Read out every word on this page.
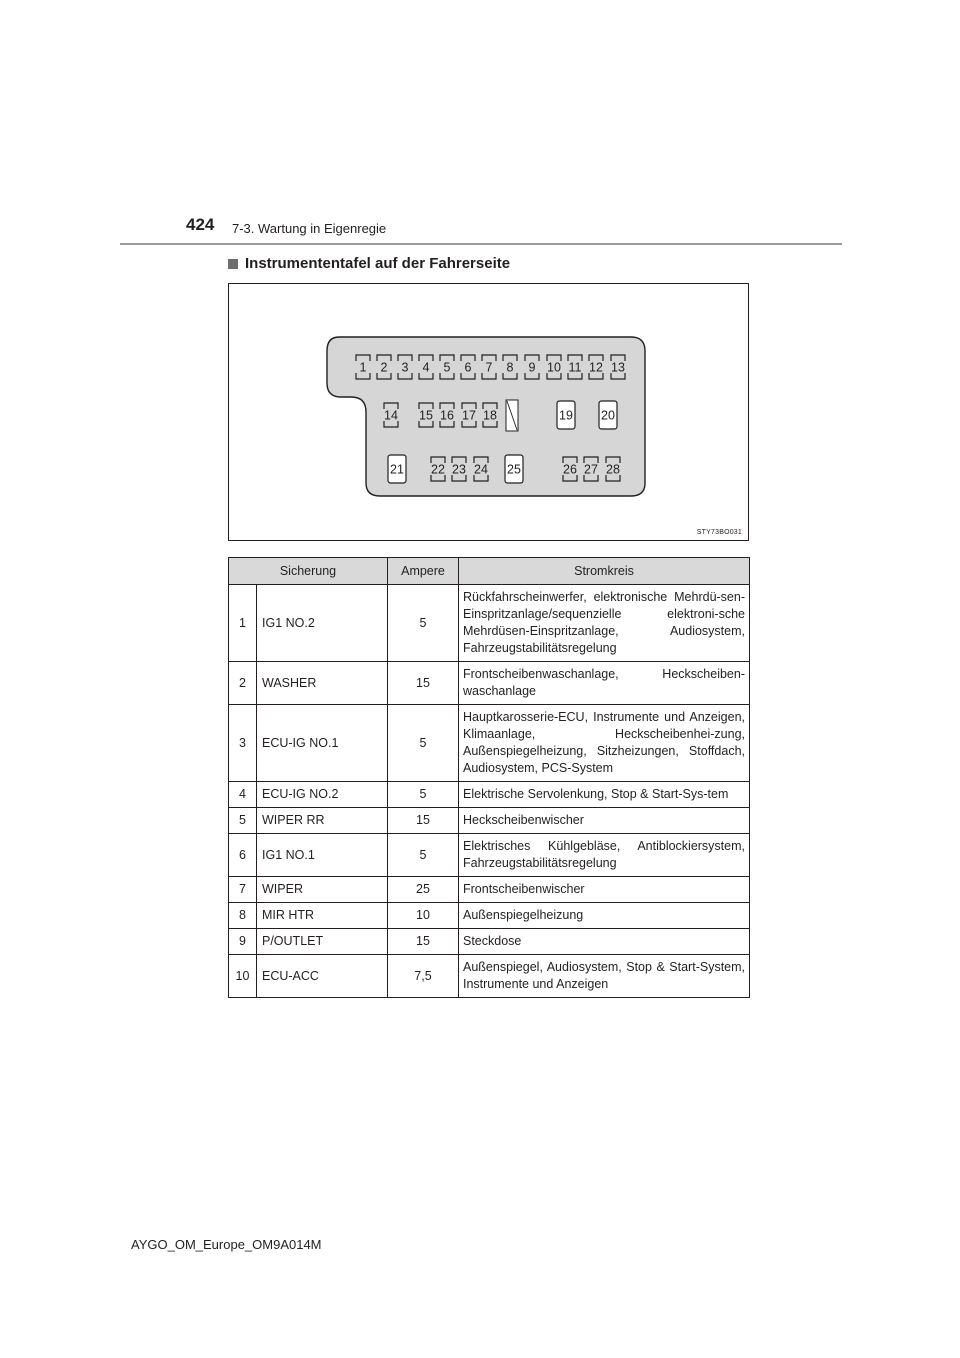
424 7-3. Wartung in Eigenregie
Instrumententafel auf der Fahrerseite
1 2 3 4 5 6 7 8 9 10 11 12 13
14 15 16 17 18	19 20
21 22 23 24 25	26 27 28
STY73BO031
Sicherung		Ampere	Stromkreis
1	IG1 NO.2	5	Rückfahrscheinwerfer, elektronische Mehrdü-sen-Einspritzanlage/sequenzielle elektroni-sche Mehrdüsen-Einspritzanlage, Audiosystem, Fahrzeugstabilitätsregelung
2	WASHER	15	Frontscheibenwaschanlage, Heckscheiben-waschanlage
3	ECU-IG NO.1	5	Hauptkarosserie-ECU, Instrumente und Anzeigen, Klimaanlage, Heckscheibenhei-zung, Außenspiegelheizung, Sitzheizungen, Stoffdach, Audiosystem, PCS-System
4	ECU-IG NO.2	5	Elektrische Servolenkung, Stop & Start-Sys-tem
5	WIPER RR	15	Heckscheibenwischer
6	IG1 NO.1	5	Elektrisches Kühlgebläse, Antiblockiersystem, Fahrzeugstabilitätsregelung
7	WIPER	25	Frontscheibenwischer
8	MIR HTR	10	Außenspiegelheizung
9	P/OUTLET	15	Steckdose
10	ECU-ACC	7,5	Außenspiegel, Audiosystem, Stop & Start-System, Instrumente und Anzeigen
AYGO_OM_Europe_OM9A014M
